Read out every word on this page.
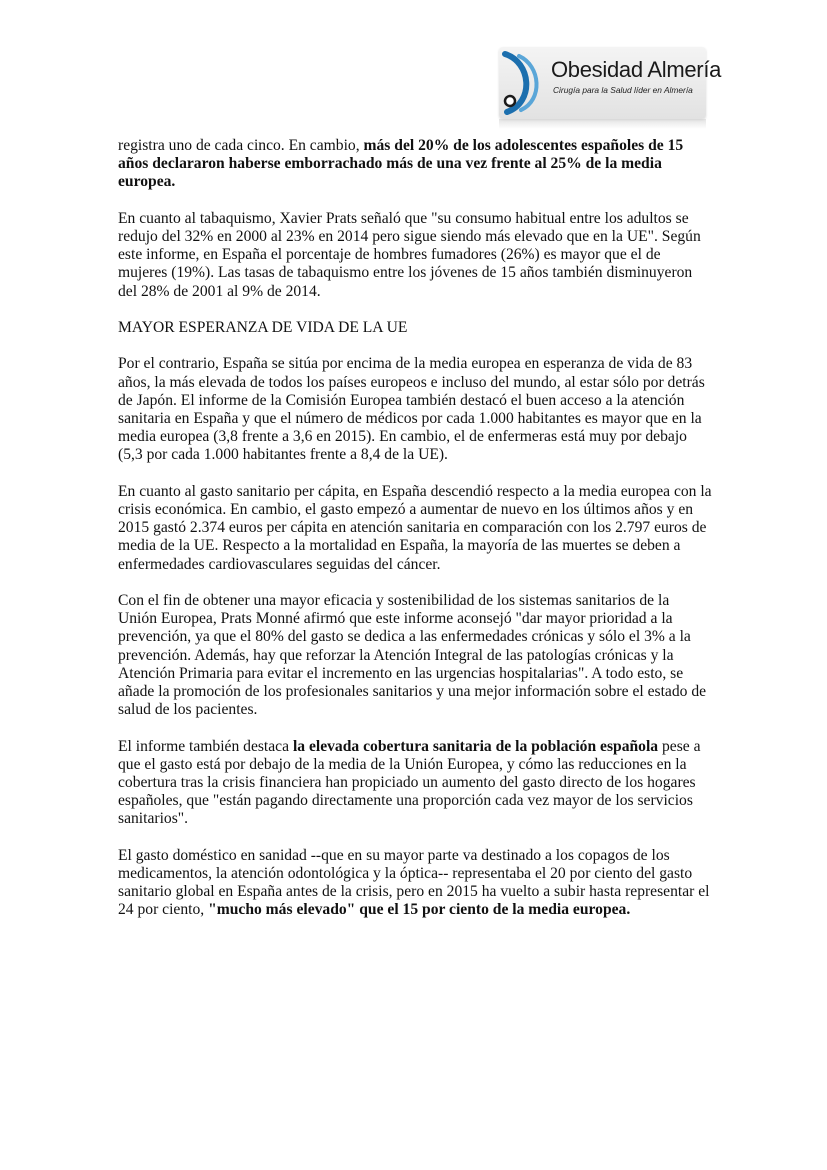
Obesidad Almería
Cirugía para la Salud líder en Almería

registra uno de cada cinco. En cambio, más del 20% de los adolescentes españoles de 15 años declararon haberse emborrachado más de una vez frente al 25% de la media europea.

En cuanto al tabaquismo, Xavier Prats señaló que "su consumo habitual entre los adultos se redujo del 32% en 2000 al 23% en 2014 pero sigue siendo más elevado que en la UE". Según este informe, en España el porcentaje de hombres fumadores (26%) es mayor que el de mujeres (19%). Las tasas de tabaquismo entre los jóvenes de 15 años también disminuyeron del 28% de 2001 al 9% de 2014.

MAYOR ESPERANZA DE VIDA DE LA UE

Por el contrario, España se sitúa por encima de la media europea en esperanza de vida de 83 años, la más elevada de todos los países europeos e incluso del mundo, al estar sólo por detrás de Japón. El informe de la Comisión Europea también destacó el buen acceso a la atención sanitaria en España y que el número de médicos por cada 1.000 habitantes es mayor que en la media europea (3,8 frente a 3,6 en 2015). En cambio, el de enfermeras está muy por debajo (5,3 por cada 1.000 habitantes frente a 8,4 de la UE).

En cuanto al gasto sanitario per cápita, en España descendió respecto a la media europea con la crisis económica. En cambio, el gasto empezó a aumentar de nuevo en los últimos años y en 2015 gastó 2.374 euros per cápita en atención sanitaria en comparación con los 2.797 euros de media de la UE. Respecto a la mortalidad en España, la mayoría de las muertes se deben a enfermedades cardiovasculares seguidas del cáncer.

Con el fin de obtener una mayor eficacia y sostenibilidad de los sistemas sanitarios de la Unión Europea, Prats Monné afirmó que este informe aconsejó "dar mayor prioridad a la prevención, ya que el 80% del gasto se dedica a las enfermedades crónicas y sólo el 3% a la prevención. Además, hay que reforzar la Atención Integral de las patologías crónicas y la Atención Primaria para evitar el incremento en las urgencias hospitalarias". A todo esto, se añade la promoción de los profesionales sanitarios y una mejor información sobre el estado de salud de los pacientes.

El informe también destaca la elevada cobertura sanitaria de la población española pese a que el gasto está por debajo de la media de la Unión Europea, y cómo las reducciones en la cobertura tras la crisis financiera han propiciado un aumento del gasto directo de los hogares españoles, que "están pagando directamente una proporción cada vez mayor de los servicios sanitarios".

El gasto doméstico en sanidad --que en su mayor parte va destinado a los copagos de los medicamentos, la atención odontológica y la óptica-- representaba el 20 por ciento del gasto sanitario global en España antes de la crisis, pero en 2015 ha vuelto a subir hasta representar el 24 por ciento, "mucho más elevado" que el 15 por ciento de la media europea.
